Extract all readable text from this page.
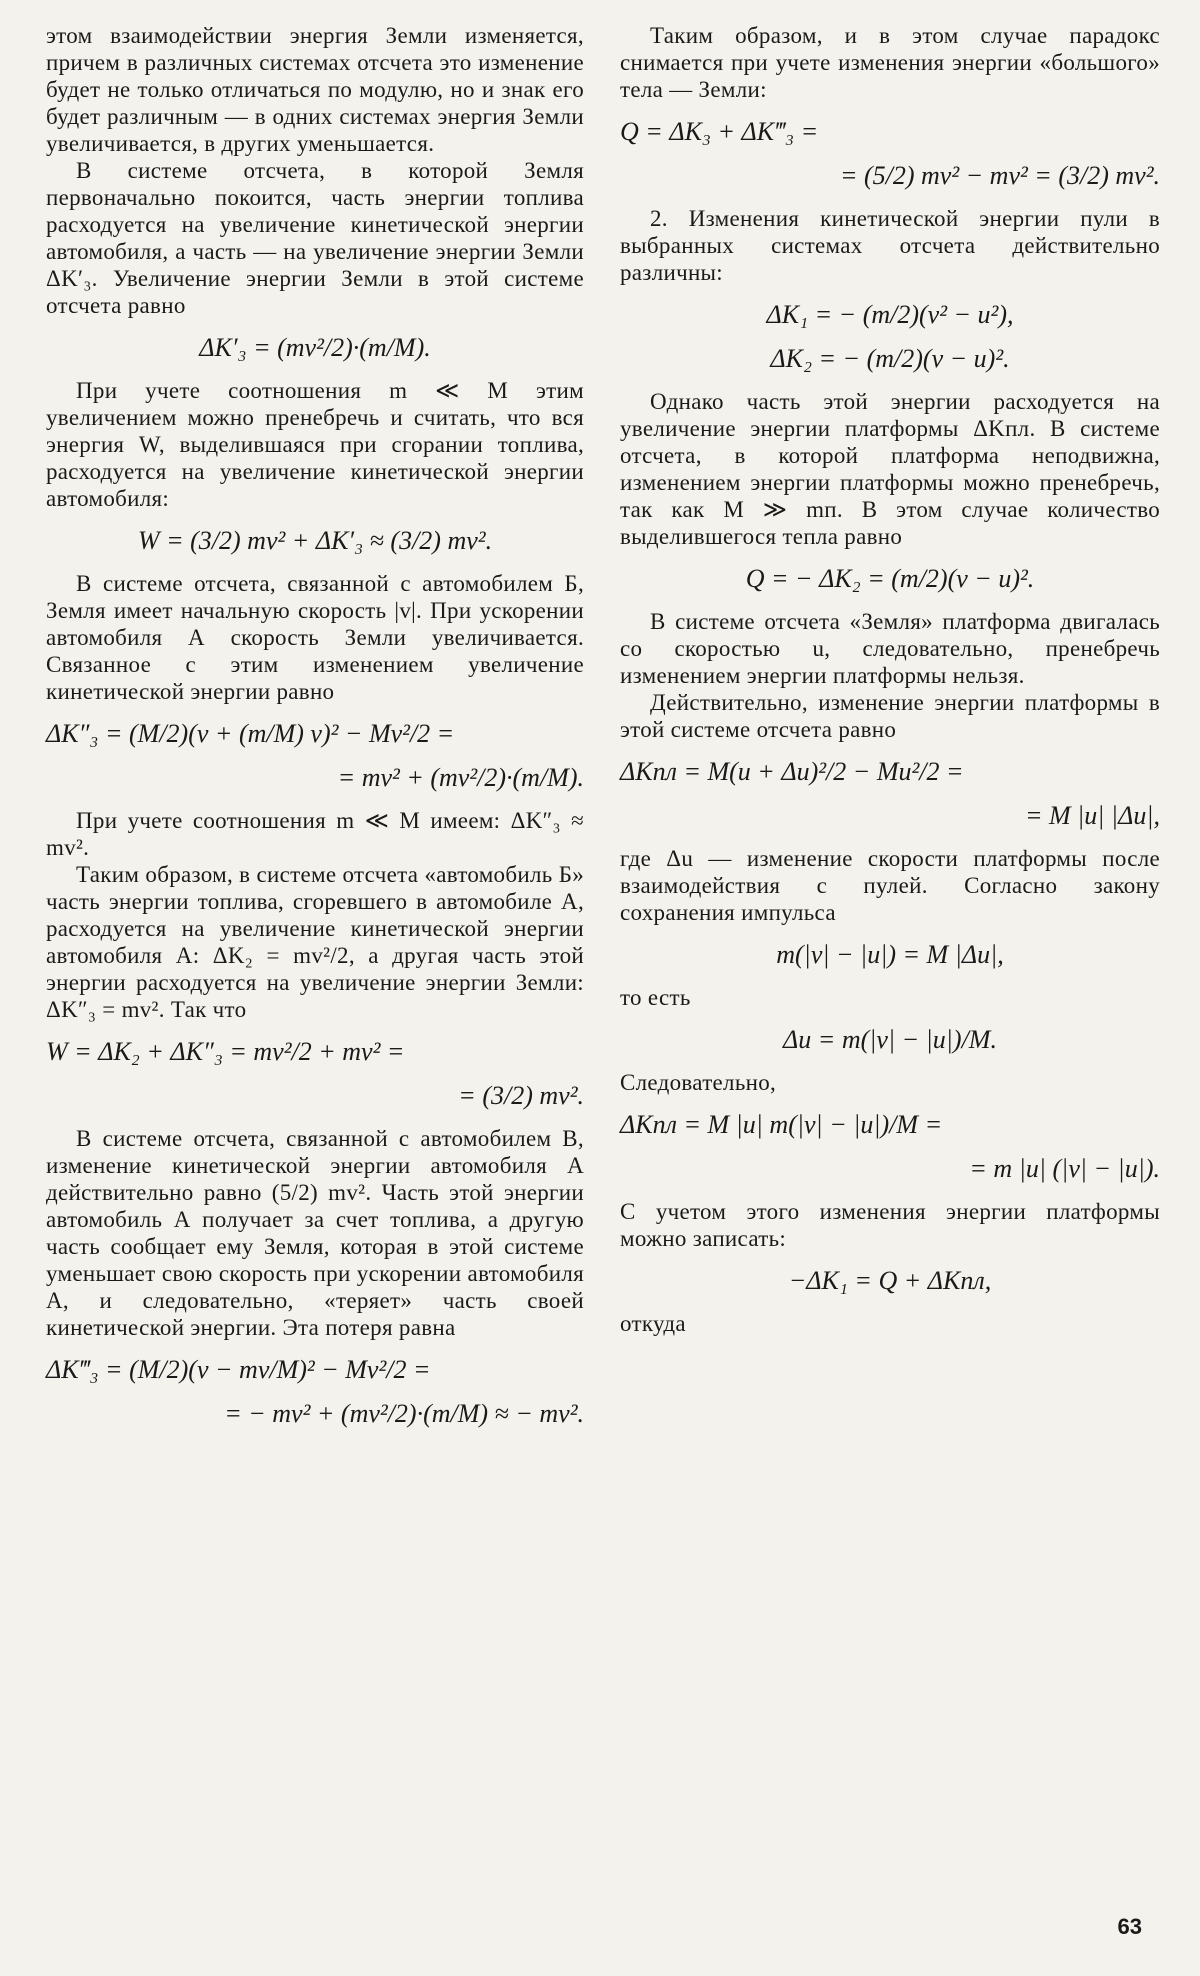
этом взаимодействии энергия Земли изменяется, причем в различных системах отсчета это изменение будет не только отличаться по модулю, но и знак его будет различным — в одних системах энергия Земли увеличивается, в других уменьшается.

В системе отсчета, в которой Земля первоначально покоится, часть энергии топлива расходуется на увеличение кинетической энергии автомобиля, а часть — на увеличение энергии Земли ΔK′₃. Увеличение энергии Земли в этой системе отсчета равно

ΔK′₃ = (mv²/2)·(m/M).

При учете соотношения m ≪ M этим увеличением можно пренебречь и считать, что вся энергия W, выделившаяся при сгорании топлива, расходуется на увеличение кинетической энергии автомобиля:

W = (3/2) mv² + ΔK′₃ ≈ (3/2) mv².

В системе отсчета, связанной с автомобилем Б, Земля имеет начальную скорость |v|. При ускорении автомобиля А скорость Земли увеличивается. Связанное с этим изменением увеличение кинетической энергии равно

ΔK″₃ = (M/2)(v + (m/M) v)² − Mv²/2 =
= mv² + (mv²/2)·(m/M).

При учете соотношения m ≪ M имеем: ΔK″₃ ≈ mv².

Таким образом, в системе отсчета «автомобиль Б» часть энергии топлива, сгоревшего в автомобиле А, расходуется на увеличение кинетической энергии автомобиля А: ΔK₂ = mv²/2, а другая часть этой энергии расходуется на увеличение энергии Земли: ΔK″₃ = mv². Так что

W = ΔK₂ + ΔK″₃ = mv²/2 + mv² =
= (3/2) mv².

В системе отсчета, связанной с автомобилем В, изменение кинетической энергии автомобиля А действительно равно (5/2) mv². Часть этой энергии автомобиль А получает за счет топлива, а другую часть сообщает ему Земля, которая в этой системе уменьшает свою скорость при ускорении автомобиля А, и следовательно, «теряет» часть своей кинетической энергии. Эта потеря равна

ΔK‴₃ = (M/2)(v − mv/M)² − Mv²/2 =
= − mv² + (mv²/2)·(m/M) ≈ − mv².

Таким образом, и в этом случае парадокс снимается при учете изменения энергии «большого» тела — Земли:

Q = ΔK₃ + ΔK‴₃ =
= (5/2) mv² − mv² = (3/2) mv².

2. Изменения кинетической энергии пули в выбранных системах отсчета действительно различны:

ΔK₁ = − (m/2)(v² − u²),
ΔK₂ = − (m/2)(v − u)².

Однако часть этой энергии расходуется на увеличение энергии платформы ΔKпл. В системе отсчета, в которой платформа неподвижна, изменением энергии платформы можно пренебречь, так как M ≫ mп. В этом случае количество выделившегося тепла равно

Q = − ΔK₂ = (m/2)(v − u)².

В системе отсчета «Земля» платформа двигалась со скоростью u, следовательно, пренебречь изменением энергии платформы нельзя.

Действительно, изменение энергии платформы в этой системе отсчета равно

ΔKпл = M(u + Δu)²/2 − Mu²/2 =
= M |u| |Δu|,

где Δu — изменение скорости платформы после взаимодействия с пулей. Согласно закону сохранения импульса

m(|v| − |u|) = M |Δu|,

то есть

Δu = m(|v| − |u|)/M.

Следовательно,

ΔKпл = M |u| m(|v| − |u|)/M =
= m |u| (|v| − |u|).

С учетом этого изменения энергии платформы можно записать:

−ΔK₁ = Q + ΔKпл,

откуда

63
